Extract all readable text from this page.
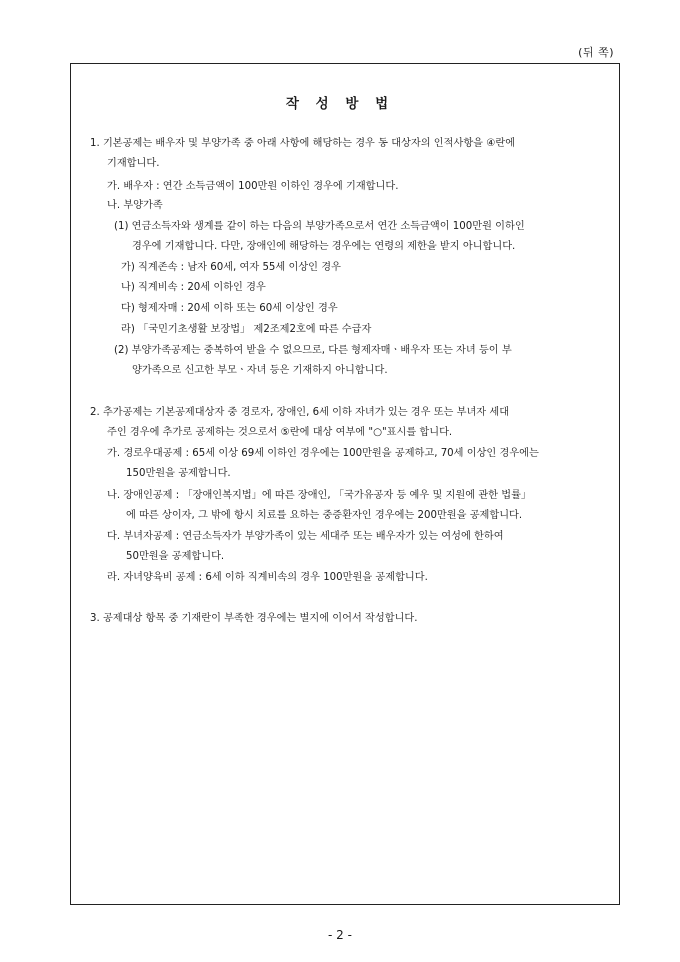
(뒤 쪽)
작 성 방 법
1. 기본공제는 배우자 및 부양가족 중 아래 사항에 해당하는 경우 동 대상자의 인적사항을 ④란에
기재합니다.
가. 배우자 : 연간 소득금액이 100만원 이하인 경우에 기재합니다.
나. 부양가족
(1) 연금소득자와 생계를 같이 하는 다음의 부양가족으로서 연간 소득금액이 100만원 이하인
경우에 기재합니다. 다만, 장애인에 해당하는 경우에는 연령의 제한을 받지 아니합니다.
가) 직계존속 : 남자 60세, 여자 55세 이상인 경우
나) 직계비속 : 20세 이하인 경우
다) 형제자매 : 20세 이하 또는 60세 이상인 경우
라) 「국민기초생활 보장법」 제2조제2호에 따른 수급자
(2) 부양가족공제는 중복하여 받을 수 없으므로, 다른 형제자매ㆍ배우자 또는 자녀 등이 부
양가족으로 신고한 부모ㆍ자녀 등은 기재하지 아니합니다.
2. 추가공제는 기본공제대상자 중 경로자, 장애인, 6세 이하 자녀가 있는 경우 또는 부녀자 세대
주인 경우에 추가로 공제하는 것으로서 ⑤란에 대상 여부에 "○"표시를 합니다.
가. 경로우대공제 : 65세 이상 69세 이하인 경우에는 100만원을 공제하고, 70세 이상인 경우에는
150만원을 공제합니다.
나. 장애인공제 : 「장애인복지법」에 따른 장애인, 「국가유공자 등 예우 및 지원에 관한 법률」
에 따른 상이자, 그 밖에 항시 치료를 요하는 중증환자인 경우에는 200만원을 공제합니다.
다. 부녀자공제 : 연금소득자가 부양가족이 있는 세대주 또는 배우자가 있는 여성에 한하여
50만원을 공제합니다.
라. 자녀양육비 공제 : 6세 이하 직계비속의 경우 100만원을 공제합니다.
3. 공제대상 항목 중 기재란이 부족한 경우에는 별지에 이어서 작성합니다.
- 2 -
